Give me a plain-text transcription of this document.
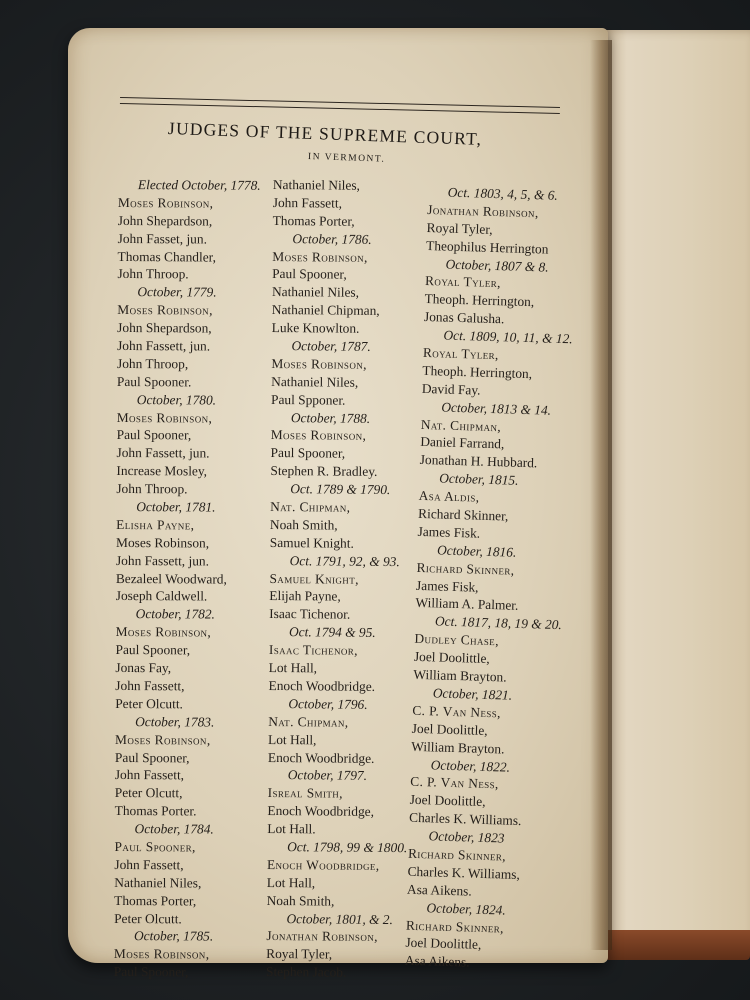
JUDGES OF THE SUPREME COURT,
IN VERMONT.
Elected October, 1778.
Moses Robinson,
John Shepardson,
John Fasset, jun.
Thomas Chandler,
John Throop.
October, 1779.
Moses Robinson,
John Shepardson,
John Fassett, jun.
John Throop,
Paul Spooner.
October, 1780.
Moses Robinson,
Paul Spooner,
John Fassett, jun.
Increase Mosley,
John Throop.
October, 1781.
Elisha Payne,
Moses Robinson,
John Fassett, jun.
Bezaleel Woodward,
Joseph Caldwell.
October, 1782.
Moses Robinson,
Paul Spooner,
Jonas Fay,
John Fassett,
Peter Olcutt.
October, 1783.
Moses Robinson,
Paul Spooner,
John Fassett,
Peter Olcutt,
Thomas Porter.
October, 1784.
Paul Spooner,
John Fassett,
Nathaniel Niles,
Thomas Porter,
Peter Olcutt.
October, 1785.
Moses Robinson,
Paul Spooner,
Nathaniel Niles,
John Fassett,
Thomas Porter,
October, 1786.
Moses Robinson,
Paul Spooner,
Nathaniel Niles,
Nathaniel Chipman,
Luke Knowlton.
October, 1787.
Moses Robinson,
Nathaniel Niles,
Paul Spponer.
October, 1788.
Moses Robinson,
Paul Spooner,
Stephen R. Bradley.
Oct. 1789 & 1790.
Nat. Chipman,
Noah Smith,
Samuel Knight.
Oct. 1791, 92, & 93.
Samuel Knight,
Elijah Payne,
Isaac Tichenor.
Oct. 1794 & 95.
Isaac Tichenor,
Lot Hall,
Enoch Woodbridge.
October, 1796.
Nat. Chipman,
Lot Hall,
Enoch Woodbridge.
October, 1797.
Isreal Smith,
Enoch Woodbridge,
Lot Hall.
Oct. 1798, 99 & 1800.
Enoch Woodbridge,
Lot Hall,
Noah Smith,
October, 1801, & 2.
Jonathan Robinson,
Royal Tyler,
Stephen Jacob.
Oct. 1803, 4, 5, & 6.
Jonathan Robinson,
Royal Tyler,
Theophilus Herrington
October, 1807 & 8.
Royal Tyler,
Theoph. Herrington,
Jonas Galusha.
Oct. 1809, 10, 11, & 12.
Royal Tyler,
Theoph. Herrington,
David Fay.
October, 1813 & 14.
Nat. Chipman,
Daniel Farrand,
Jonathan H. Hubbard.
October, 1815.
Asa Aldis,
Richard Skinner,
James Fisk.
October, 1816.
Richard Skinner,
James Fisk,
William A. Palmer.
Oct. 1817, 18, 19 & 20.
Dudley Chase,
Joel Doolittle,
William Brayton.
October, 1821.
C. P. Van Ness,
Joel Doolittle,
William Brayton.
October, 1822.
C. P. Van Ness,
Joel Doolittle,
Charles K. Williams.
October, 1823
Richard Skinner,
Charles K. Williams,
Asa Aikens.
October, 1824.
Richard Skinner,
Joel Doolittle,
Asa Aikens.
